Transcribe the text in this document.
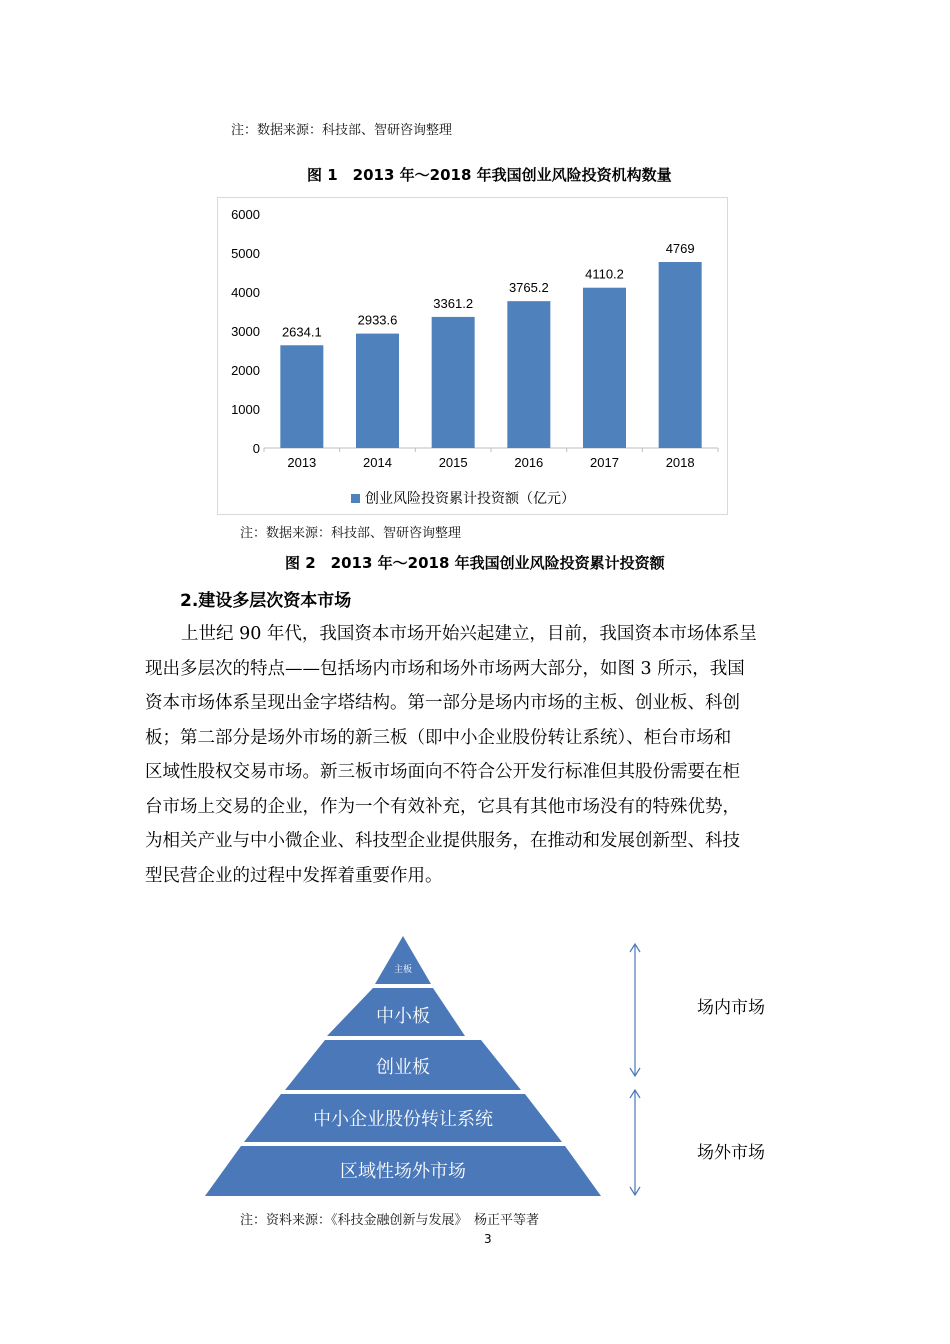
注：数据来源：科技部、智研咨询整理
图 1　2013 年～2018 年我国创业风险投资机构数量
0
1000
2000
3000
4000
5000
6000
2634.1
2013
2933.6
2014
3361.2
2015
3765.2
2016
4110.2
2017
4769
2018
创业风险投资累计投资额（亿元）
注：数据来源：科技部、智研咨询整理
图 2　2013 年～2018 年我国创业风险投资累计投资额
2.建设多层次资本市场
上世纪 90 年代，我国资本市场开始兴起建立，目前，我国资本市场体系呈
现出多层次的特点——包括场内市场和场外市场两大部分，如图 3 所示，我国
资本市场体系呈现出金字塔结构。第一部分是场内市场的主板、创业板、科创
板；第二部分是场外市场的新三板（即中小企业股份转让系统）、柜台市场和
区域性股权交易市场。新三板市场面向不符合公开发行标准但其股份需要在柜
台市场上交易的企业，作为一个有效补充，它具有其他市场没有的特殊优势，
为相关产业与中小微企业、科技型企业提供服务，在推动和发展创新型、科技
型民营企业的过程中发挥着重要作用。
主板
中小板
创业板
中小企业股份转让系统
区域性场外市场
场内市场
场外市场
注：资料来源：《科技金融创新与发展》　杨正平等著
3
